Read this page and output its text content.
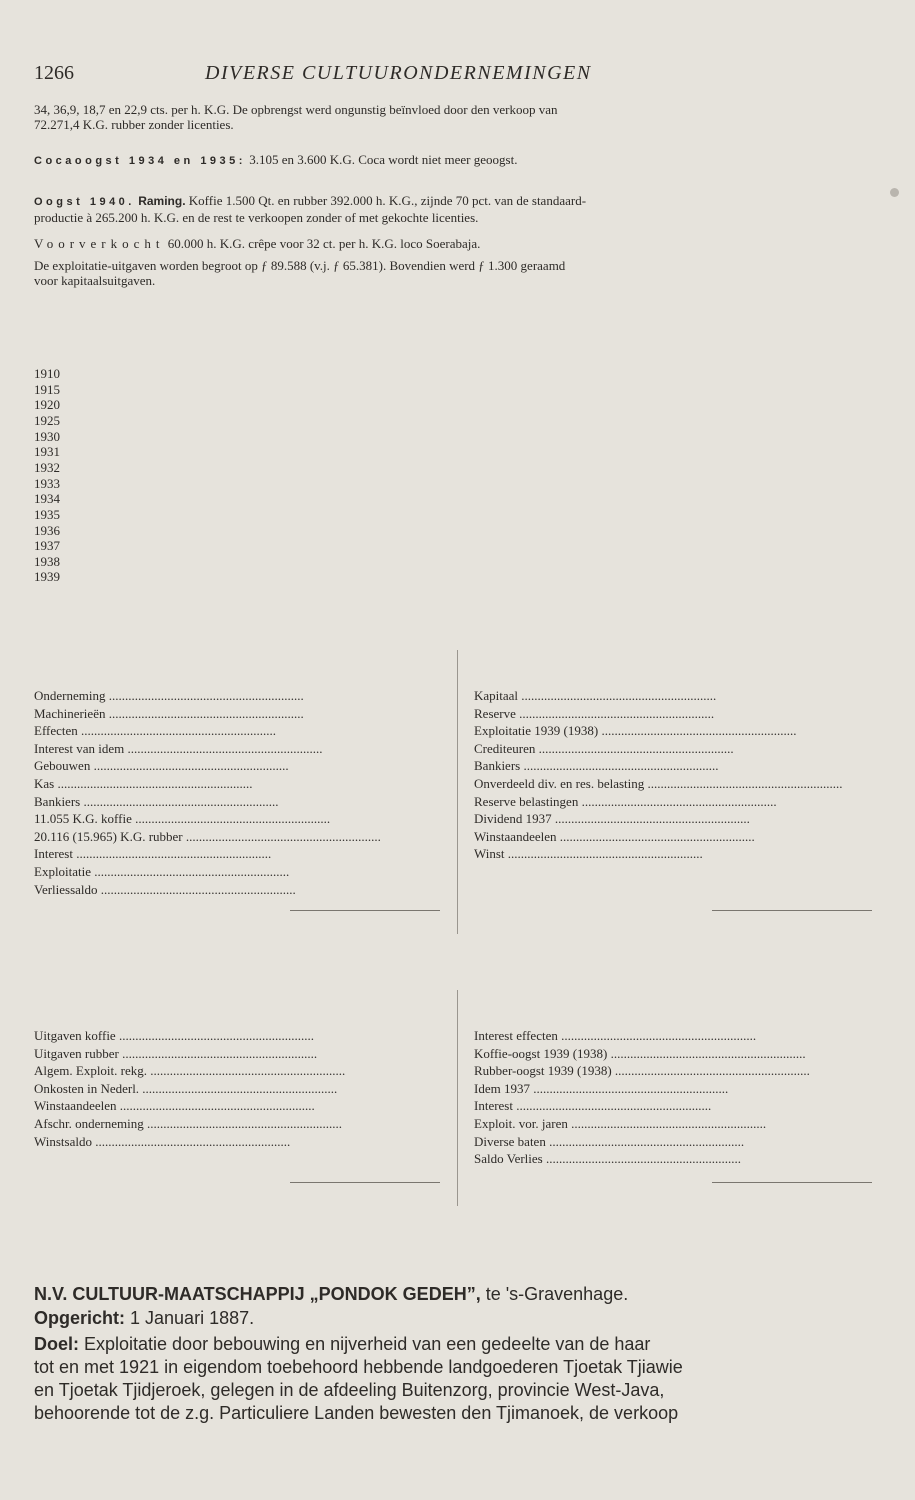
1266	DIVERSE CULTUURONDERNEMINGEN
34, 36,9, 18,7 en 22,9 cts. per h. K.G. De opbrengst werd ongunstig beïnvloed door den verkoop van
72.271,4 K.G. rubber zonder licenties.
Cocaoogst 1934 en 1935: 3.105 en 3.600 K.G. Coca wordt niet meer geoogst.
Oogst 1940. Raming. Koffie 1.500 Qt. en rubber 392.000 h. K.G., zijnde 70 pct. van de standaard-
productie à 265.200 h. K.G. en de rest te verkoopen zonder of met gekochte licenties.
Voorverkocht 60.000 h. K.G. crêpe voor 32 ct. per h. K.G. loco Soerabaja.
De exploitatie-uitgaven worden begroot op ƒ 89.588 (v.j. ƒ 65.381). Bovendien werd ƒ 1.300 geraamd
voor kapitaalsuitgaven.
1910
1915
1920
1925
1930
1931
1932
1933
1934
1935
1936
1937
1938
1939
Onderneming ............................................................
Machinerieën ............................................................
Effecten ............................................................
Interest van idem ............................................................
Gebouwen ............................................................
Kas ............................................................
Bankiers ............................................................
11.055 K.G. koffie ............................................................
20.116 (15.965) K.G. rubber ............................................................
Interest ............................................................
Exploitatie ............................................................
Verliessaldo ............................................................
Kapitaal ............................................................
Reserve ............................................................
Exploitatie 1939 (1938) ............................................................
Crediteuren ............................................................
Bankiers ............................................................
Onverdeeld div. en res. belasting ............................................................
Reserve belastingen ............................................................
Dividend 1937 ............................................................
Winstaandeelen ............................................................
Winst ............................................................
Uitgaven koffie ............................................................
Uitgaven rubber ............................................................
Algem. Exploit. rekg. ............................................................
Onkosten in Nederl. ............................................................
Winstaandeelen ............................................................
Afschr. onderneming ............................................................
Winstsaldo ............................................................
Interest effecten ............................................................
Koffie-oogst 1939 (1938) ............................................................
Rubber-oogst 1939 (1938) ............................................................
Idem 1937 ............................................................
Interest ............................................................
Exploit. vor. jaren ............................................................
Diverse baten ............................................................
Saldo Verlies ............................................................
N.V. CULTUUR-MAATSCHAPPIJ „PONDOK GEDEH”, te 's-Gravenhage.
Opgericht: 1 Januari 1887.
Doel: Exploitatie door bebouwing en nijverheid van een gedeelte van de haar
tot en met 1921 in eigendom toebehoord hebbende landgoederen Tjoetak Tjiawie
en Tjoetak Tjidjeroek, gelegen in de afdeeling Buitenzorg, provincie West-Java,
behoorende tot de z.g. Particuliere Landen bewesten den Tjimanoek, de verkoop
